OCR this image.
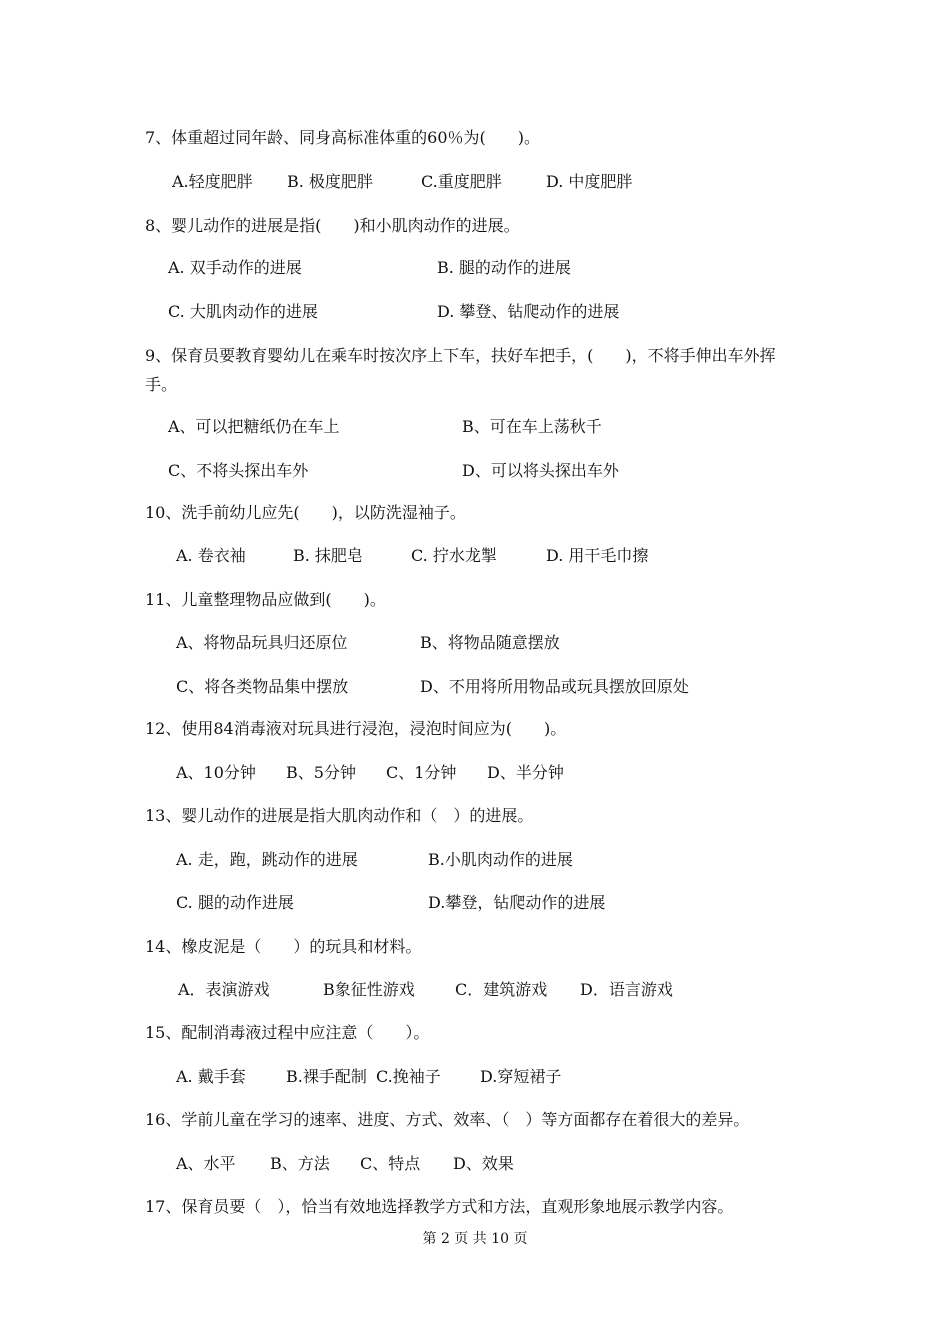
7、体重超过同年龄、同身高标准体重的60％为(　　)。
A.轻度肥胖 B. 极度肥胖	C.重度肥胖	D. 中度肥胖
8、婴儿动作的进展是指(　　)和小肌肉动作的进展。
A. 双手动作的进展	B. 腿的动作的进展
C. 大肌肉动作的进展	D. 攀登、钻爬动作的进展
9、保育员要教育婴幼儿在乘车时按次序上下车，扶好车把手，(　　)，不将手伸出车外挥
手。
A、可以把糖纸仍在车上	B、可在车上荡秋千
C、不将头探出车外	D、可以将头探出车外
10、洗手前幼儿应先(　　)，以防洗湿袖子。
A. 卷衣袖	B. 抹肥皂	C. 拧水龙掣	D. 用干毛巾擦
11、儿童整理物品应做到(　　)。
A、将物品玩具归还原位	B、将物品随意摆放
C、将各类物品集中摆放	D、不用将所用物品或玩具摆放回原处
12、使用84消毒液对玩具进行浸泡，浸泡时间应为(　　)。
A、10分钟 B、5分钟 C、1分钟 D、半分钟
13、婴儿动作的进展是指大肌肉动作和（　）的进展。
A. 走，跑，跳动作的进展	B.小肌肉动作的进展
C. 腿的动作进展	D.攀登，钻爬动作的进展
14、橡皮泥是（　　）的玩具和材料。
A．表演游戏	B象征性游戏	C．建筑游戏 D．语言游戏
15、配制消毒液过程中应注意（　　）。
A. 戴手套	B.裸手配制 C.挽袖子 D.穿短裙子
16、学前儿童在学习的速率、进度、方式、效率、（　）等方面都存在着很大的差异。
A、水平 B、方法 C、特点 D、效果
17、保育员要（　），恰当有效地选择教学方式和方法，直观形象地展示教学内容。
第 2 页 共 10 页
